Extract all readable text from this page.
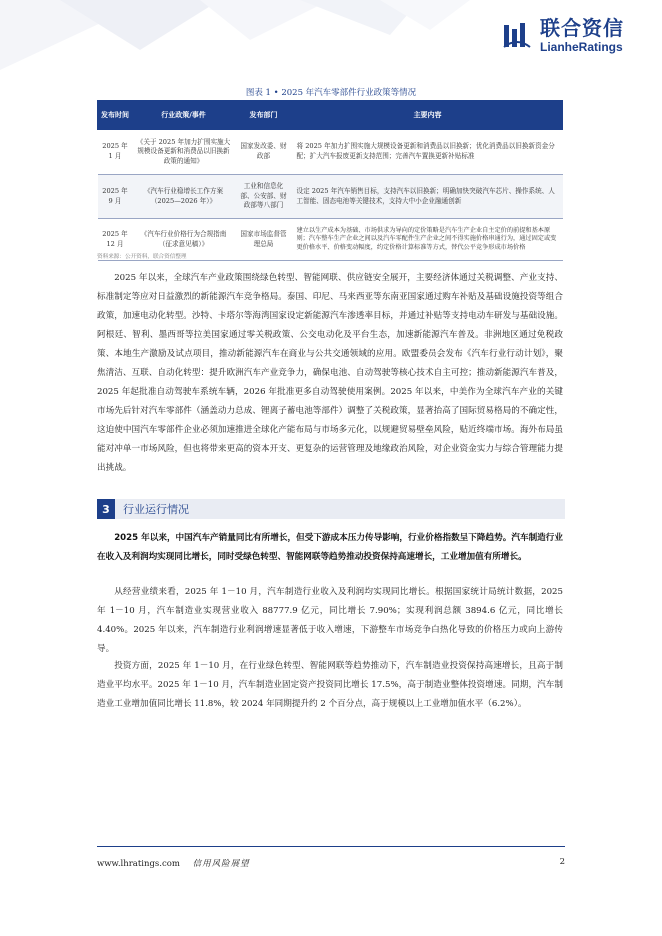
联合资信
LianheRatings
图表 1 • 2025 年汽车零部件行业政策等情况
发布时间	行业政策/事件	发布部门	主要内容
2025 年 1 月	《关于 2025 年加力扩围实施大规模设备更新和消费品以旧换新政策的通知》	国家发改委、财政部	将 2025 年加力扩围实施大规模设备更新和消费品以旧换新；优化消费品以旧换新资金分配；扩大汽车报废更新支持范围；完善汽车置换更新补贴标准
2025 年 9 月	《汽车行业稳增长工作方案（2025—2026 年）》	工业和信息化部、公安部、财政部等八部门	设定 2025 年汽车销售目标，支持汽车以旧换新；明确加快突破汽车芯片、操作系统、人工智能、固态电池等关键技术，支持大中小企业融通创新
2025 年 12 月	《汽车行业价格行为合规指南（征求意见稿）》	国家市场监督管理总局	建立以生产成本为基础、市场供求为导向的定价策略是汽车生产企业自主定价的前提和基本原则；汽车整车生产企业之间以及汽车零配件生产企业之间不得实施价格串通行为，通过固定或变更价格水平、价格变动幅度，约定价格计算标准等方式，替代公平竞争形成市场价格
资料来源：公开资料，联合资信整理

2025 年以来，全球汽车产业政策围绕绿色转型、智能网联、供应链安全展开，主要经济体通过关税调整、产业支持、标准制定等应对日益激烈的新能源汽车竞争格局。泰国、印尼、马来西亚等东南亚国家通过购车补贴及基础设施投资等组合政策，加速电动化转型。沙特、卡塔尔等海湾国家设定新能源汽车渗透率目标，并通过补贴等支持电动车研发与基础设施。阿根廷、智利、墨西哥等拉美国家通过零关税政策、公交电动化及平台生态，加速新能源汽车普及。非洲地区通过免税政策、本地生产激励及试点项目，推动新能源汽车在商业与公共交通领域的应用。欧盟委员会发布《汽车行业行动计划》，聚焦清洁、互联、自动化转型：提升欧洲汽车产业竞争力，确保电池、自动驾驶等核心技术自主可控；推动新能源汽车普及，2025 年起批准自动驾驶车系统车辆，2026 年批准更多自动驾驶使用案例。2025 年以来，中美作为全球汽车产业的关键市场先后针对汽车零部件（涵盖动力总成、锂离子蓄电池等部件）调整了关税政策，显著抬高了国际贸易格局的不确定性，这迫使中国汽车零部件企业必须加速推进全球化产能布局与市场多元化，以规避贸易壁垒风险，贴近终端市场。海外布局虽能对冲单一市场风险，但也将带来更高的资本开支、更复杂的运营管理及地缘政治风险，对企业资金实力与综合管理能力提出挑战。

3	行业运行情况

2025 年以来，中国汽车产销量同比有所增长，但受下游成本压力传导影响，行业价格指数呈下降趋势。汽车制造行业在收入及利润均实现同比增长，同时受绿色转型、智能网联等趋势推动投资保持高速增长，工业增加值有所增长。

从经营业绩来看，2025 年 1－10 月，汽车制造行业收入及利润均实现同比增长。根据国家统计局统计数据，2025 年 1－10 月，汽车制造业实现营业收入 88777.9 亿元，同比增长 7.90%；实现利润总额 3894.6 亿元，同比增长 4.40%。2025 年以来，汽车制造行业利润增速显著低于收入增速，下游整车市场竞争白热化导致的价格压力或向上游传导。

投资方面，2025 年 1－10 月，在行业绿色转型、智能网联等趋势推动下，汽车制造业投资保持高速增长，且高于制造业平均水平。2025 年 1－10 月，汽车制造业固定资产投资同比增长 17.5%，高于制造业整体投资增速。同期，汽车制造业工业增加值同比增长 11.8%，较 2024 年同期提升约 2 个百分点，高于规模以上工业增加值水平（6.2%）。

www.lhratings.com 信用风险展望	2
